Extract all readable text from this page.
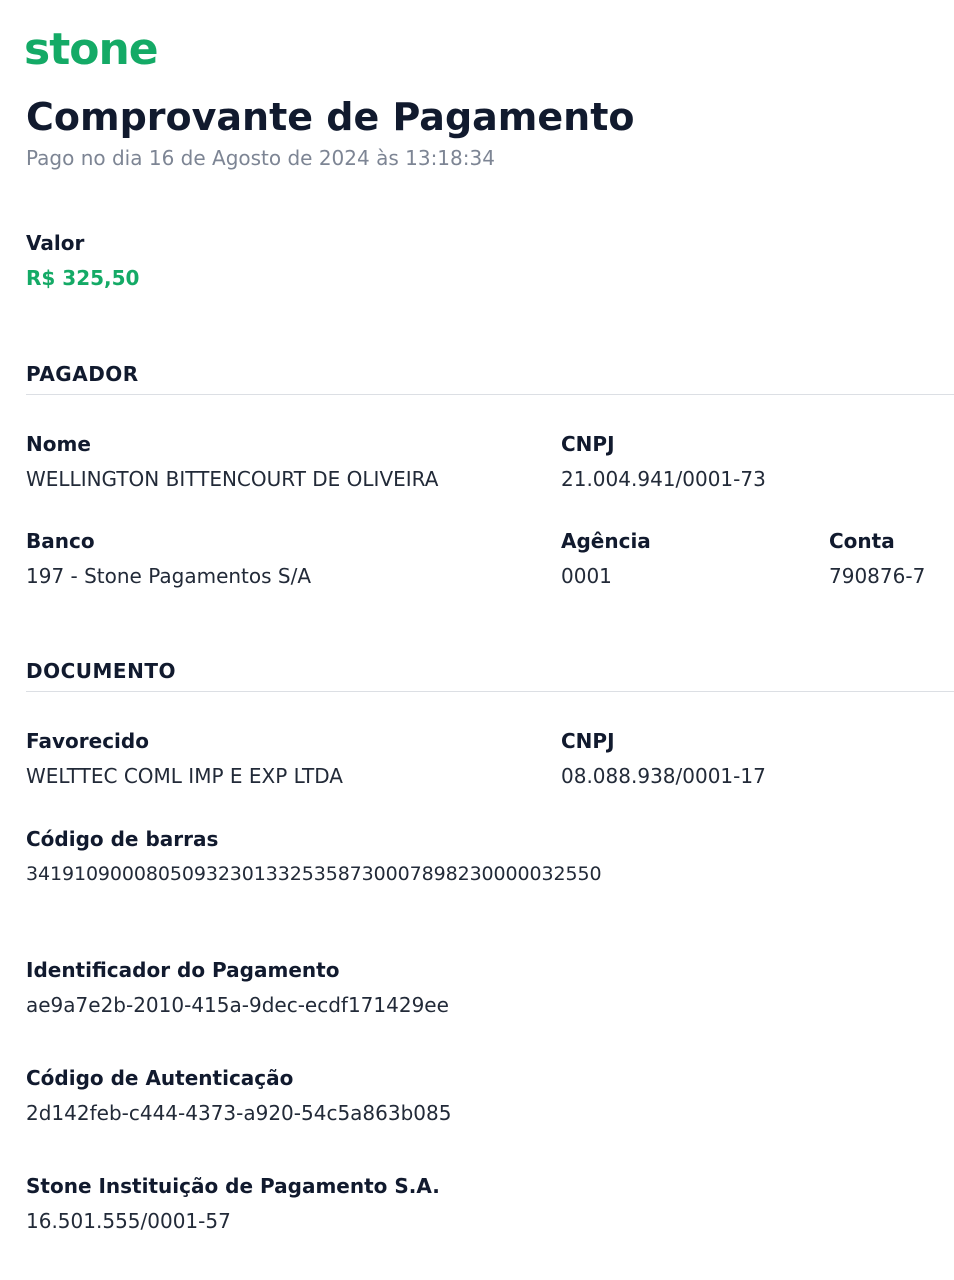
stone
Comprovante de Pagamento
Pago no dia 16 de Agosto de 2024 às 13:18:34
Valor
R$ 325,50
PAGADOR
Nome
WELLINGTON BITTENCOURT DE OLIVEIRA
CNPJ
21.004.941/0001-73
Banco
197 - Stone Pagamentos S/A
Agência
0001
Conta
790876-7
DOCUMENTO
Favorecido
WELTTEC COML IMP E EXP LTDA
CNPJ
08.088.938/0001-17
Código de barras
34191090008050932301332535873000789823000003255​0
Identificador do Pagamento
ae9a7e2b-2010-415a-9dec-ecdf171429ee
Código de Autenticação
2d142feb-c444-4373-a920-54c5a863b085
Stone Instituição de Pagamento S.A.
16.501.555/0001-57
